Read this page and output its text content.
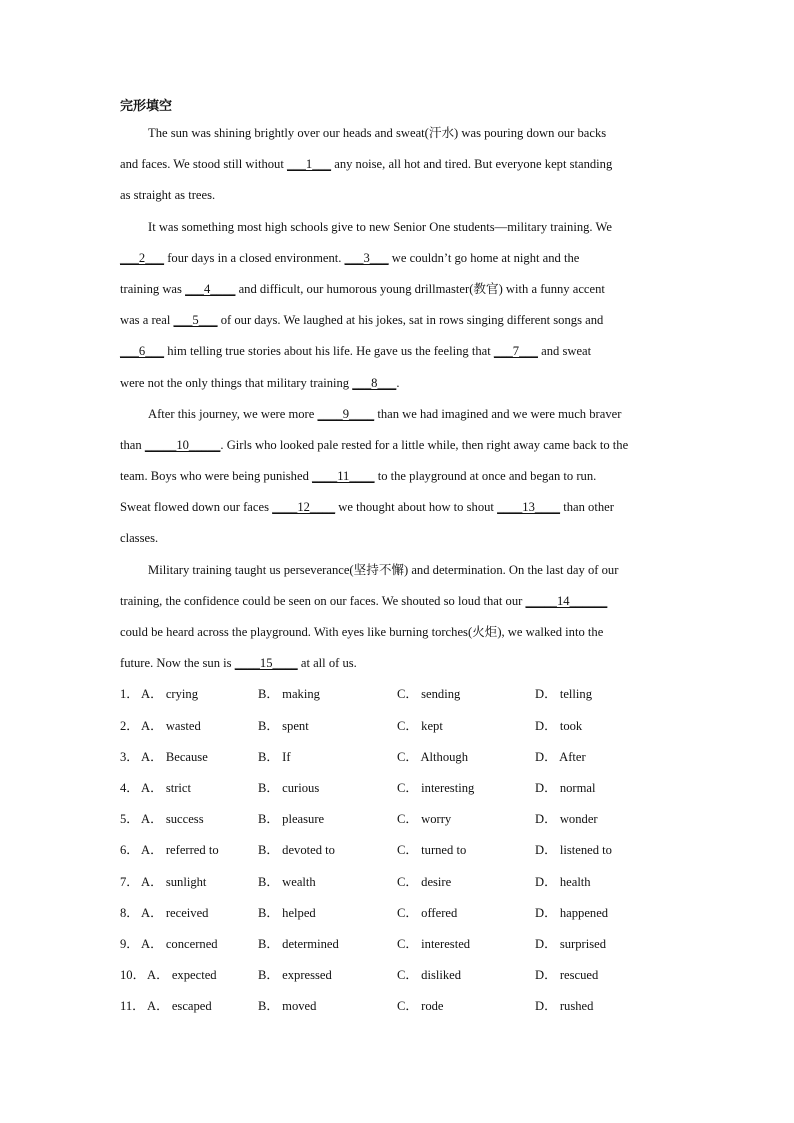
完形填空
The sun was shining brightly over our heads and sweat(汗水) was pouring down our backs
and faces. We stood still without ___1___ any noise, all hot and tired. But everyone kept standing
as straight as trees.
It was something most high schools give to new Senior One students—military training. We
___2___ four days in a closed environment. ___3___ we couldn’t go home at night and the
training was ___4____ and difficult, our humorous young drillmaster(教官) with a funny accent
was a real ___5___ of our days. We laughed at his jokes, sat in rows singing different songs and
___6___ him telling true stories about his life. He gave us the feeling that ___7___ and sweat
were not the only things that military training ___8___.
After this journey, we were more ____9____ than we had imagined and we were much braver
than _____10_____. Girls who looked pale rested for a little while, then right away came back to the
team. Boys who were being punished ____11____ to the playground at once and began to run.
Sweat flowed down our faces ____12____ we thought about how to shout ____13____ than other
classes.
Military training taught us perseverance(坚持不懈) and determination. On the last day of our
training, the confidence could be seen on our faces. We shouted so loud that our _____14______
could be heard across the playground. With eyes like burning torches(火炬), we walked into the
future. Now the sun is ____15____ at all of us.
1． A． crying	B． making	C． sending	D． telling
2． A． wasted	B． spent	C． kept	D． took
3． A． Because	B． If	C． Although	D． After
4． A． strict	B． curious	C． interesting	D． normal
5． A． success	B． pleasure	C． worry	D． wonder
6． A． referred to	B． devoted to	C． turned to	D． listened to
7． A． sunlight	B． wealth	C． desire	D． health
8． A． received	B． helped	C． offered	D． happened
9． A． concerned	B． determined	C． interested	D． surprised
10． A． expected	B． expressed	C． disliked	D． rescued
11． A． escaped	B． moved	C． rode	D． rushed
